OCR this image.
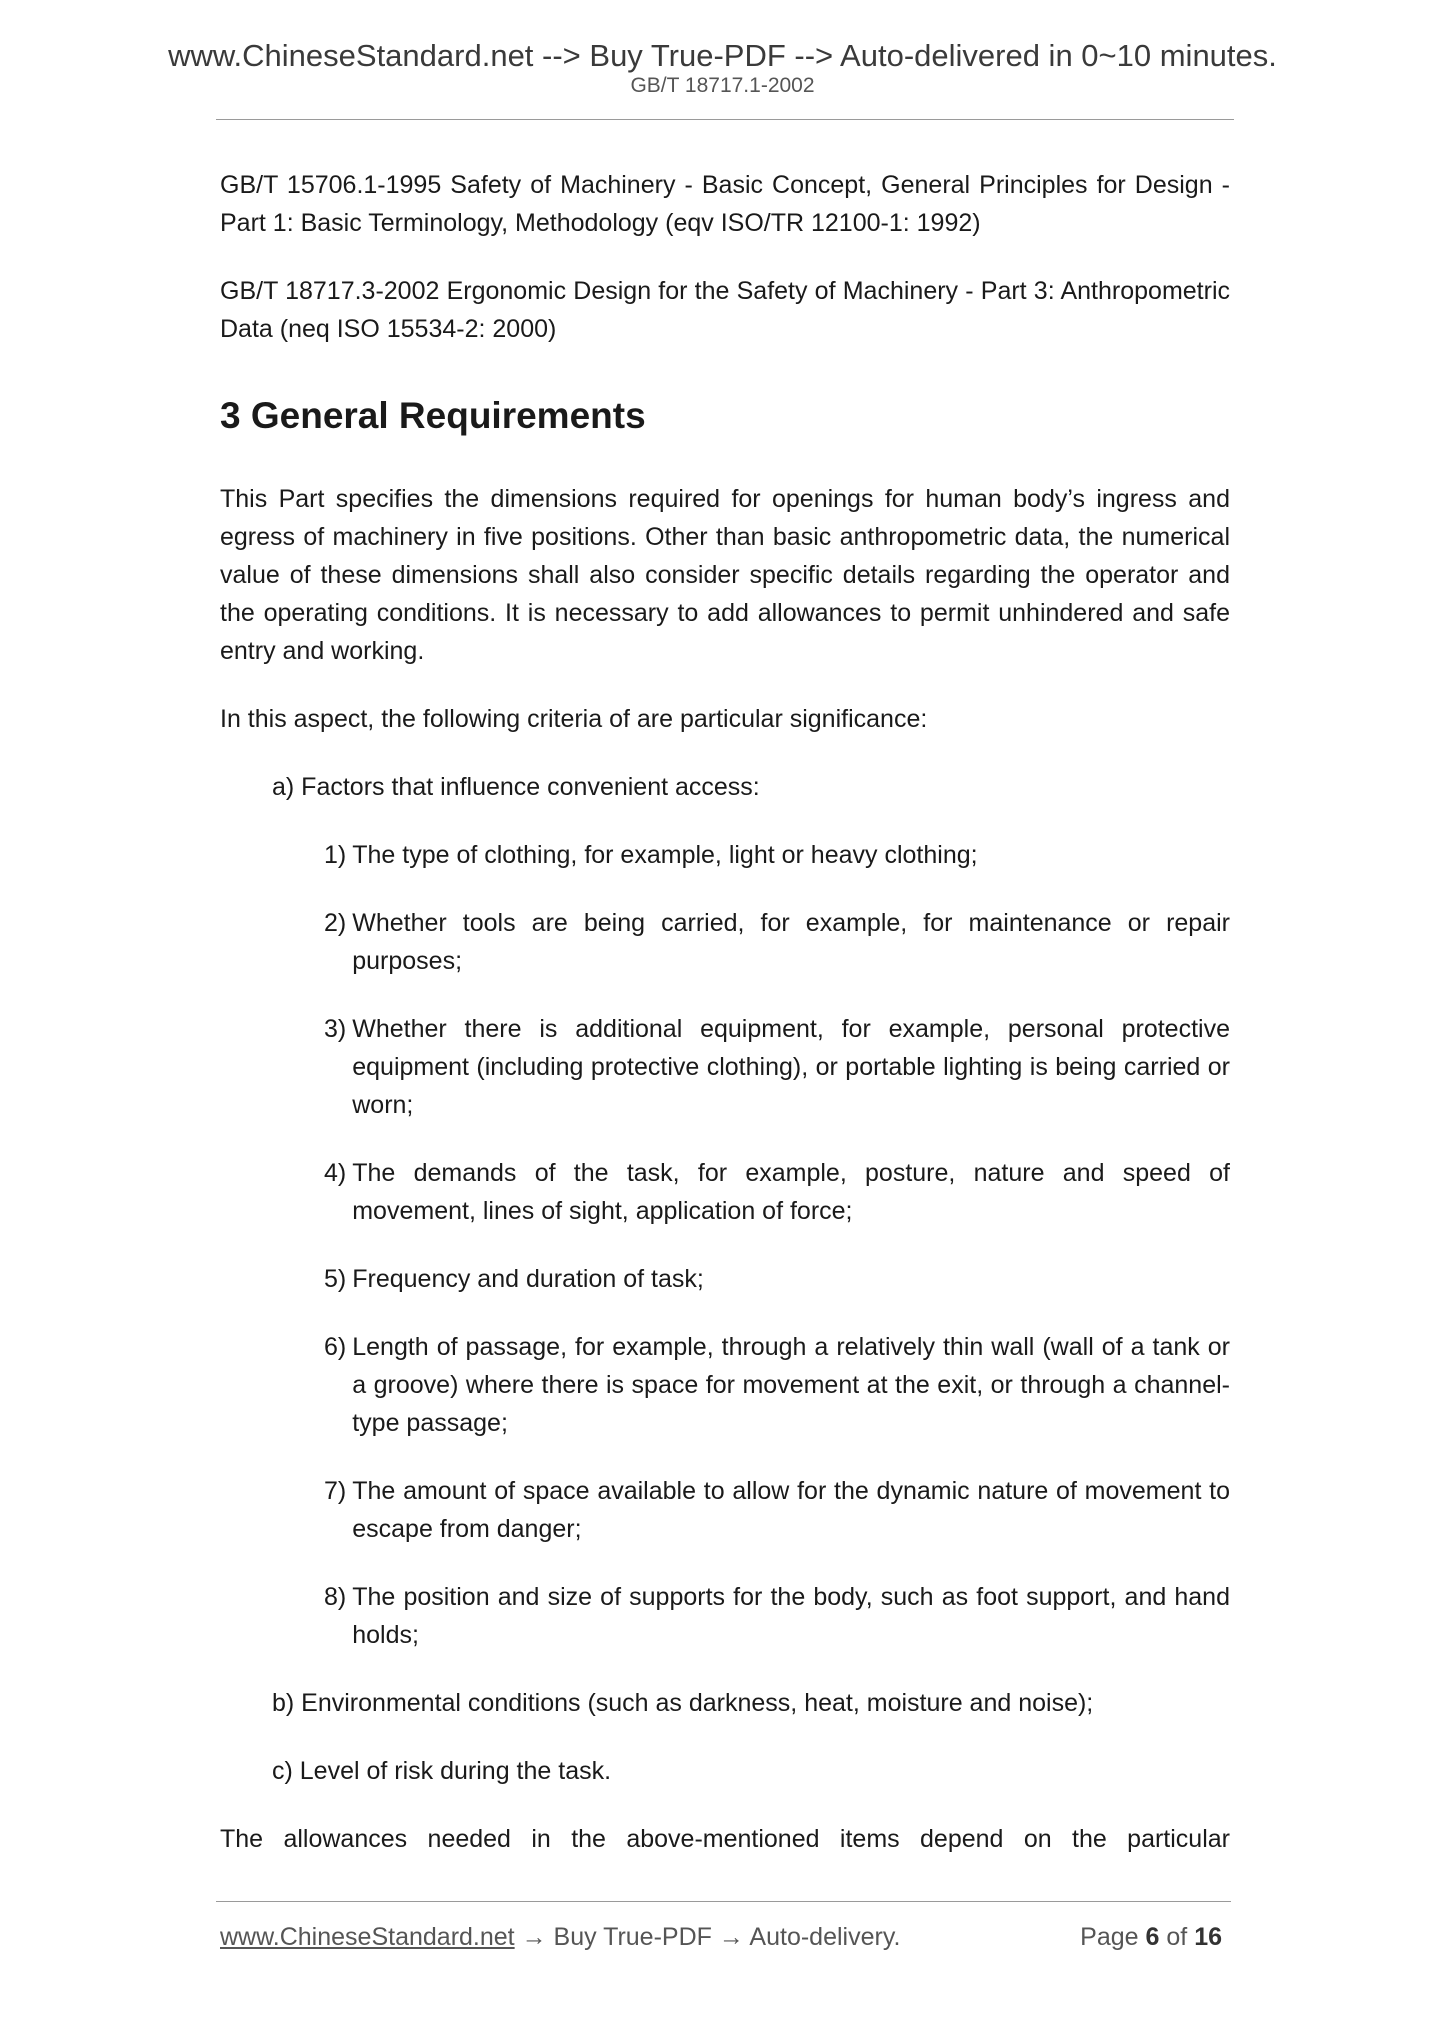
www.ChineseStandard.net --> Buy True-PDF --> Auto-delivered in 0~10 minutes.
GB/T 18717.1-2002

GB/T 15706.1-1995 Safety of Machinery - Basic Concept, General Principles for Design - Part 1: Basic Terminology, Methodology (eqv ISO/TR 12100-1: 1992)

GB/T 18717.3-2002 Ergonomic Design for the Safety of Machinery - Part 3: Anthropometric Data (neq ISO 15534-2: 2000)

3 General Requirements

This Part specifies the dimensions required for openings for human body’s ingress and egress of machinery in five positions. Other than basic anthropometric data, the numerical value of these dimensions shall also consider specific details regarding the operator and the operating conditions. It is necessary to add allowances to permit unhindered and safe entry and working.

In this aspect, the following criteria of are particular significance:

a) Factors that influence convenient access:

1) The type of clothing, for example, light or heavy clothing;
2) Whether tools are being carried, for example, for maintenance or repair purposes;
3) Whether there is additional equipment, for example, personal protective equipment (including protective clothing), or portable lighting is being carried or worn;
4) The demands of the task, for example, posture, nature and speed of movement, lines of sight, application of force;
5) Frequency and duration of task;
6) Length of passage, for example, through a relatively thin wall (wall of a tank or a groove) where there is space for movement at the exit, or through a channel-type passage;
7) The amount of space available to allow for the dynamic nature of movement to escape from danger;
8) The position and size of supports for the body, such as foot support, and hand holds;

b) Environmental conditions (such as darkness, heat, moisture and noise);

c) Level of risk during the task.

The allowances needed in the above-mentioned items depend on the particular

www.ChineseStandard.net → Buy True-PDF → Auto-delivery.	Page 6 of 16
